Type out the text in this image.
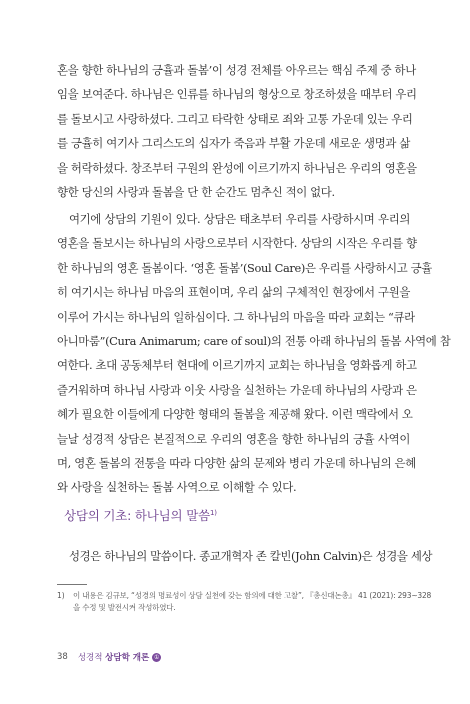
혼을 향한 하나님의 긍휼과 돌봄’이 성경 전체를 아우르는 핵심 주제 중 하나
임을 보여준다. 하나님은 인류를 하나님의 형상으로 창조하셨을 때부터 우리
를 돌보시고 사랑하셨다. 그리고 타락한 상태로 죄와 고통 가운데 있는 우리
를 긍휼히 여기사 그리스도의 십자가 죽음과 부활 가운데 새로운 생명과 삶
을 허락하셨다. 창조부터 구원의 완성에 이르기까지 하나님은 우리의 영혼을
향한 당신의 사랑과 돌봄을 단 한 순간도 멈추신 적이 없다.
여기에 상담의 기원이 있다. 상담은 태초부터 우리를 사랑하시며 우리의
영혼을 돌보시는 하나님의 사랑으로부터 시작한다. 상담의 시작은 우리를 향
한 하나님의 영혼 돌봄이다. ‘영혼 돌봄’(Soul Care)은 우리를 사랑하시고 긍휼
히 여기시는 하나님 마음의 표현이며, 우리 삶의 구체적인 현장에서 구원을
이루어 가시는 하나님의 일하심이다. 그 하나님의 마음을 따라 교회는 “큐라
아니마룸”(Cura Animarum; care of soul)의 전통 아래 하나님의 돌봄 사역에 참
여한다. 초대 공동체부터 현대에 이르기까지 교회는 하나님을 영화롭게 하고
즐거워하며 하나님 사랑과 이웃 사랑을 실천하는 가운데 하나님의 사랑과 은
혜가 필요한 이들에게 다양한 형태의 돌봄을 제공해 왔다. 이런 맥락에서 오
늘날 성경적 상담은 본질적으로 우리의 영혼을 향한 하나님의 긍휼 사역이
며, 영혼 돌봄의 전통을 따라 다양한 삶의 문제와 병리 가운데 하나님의 은혜
와 사랑을 실천하는 돌봄 사역으로 이해할 수 있다.
상담의 기초: 하나님의 말씀$^{1)}$
성경은 하나님의 말씀이다. 종교개혁자 존 칼빈(John Calvin)은 성경을 세상
1) 이 내용은 김규보, “성경의 명료성이 상담 실천에 갖는 함의에 대한 고찰”, 『총신대논총』 41 (2021): 293~328
을 수정 및 발전시켜 작성하였다.
38 성경적 상담학 개론 ①
